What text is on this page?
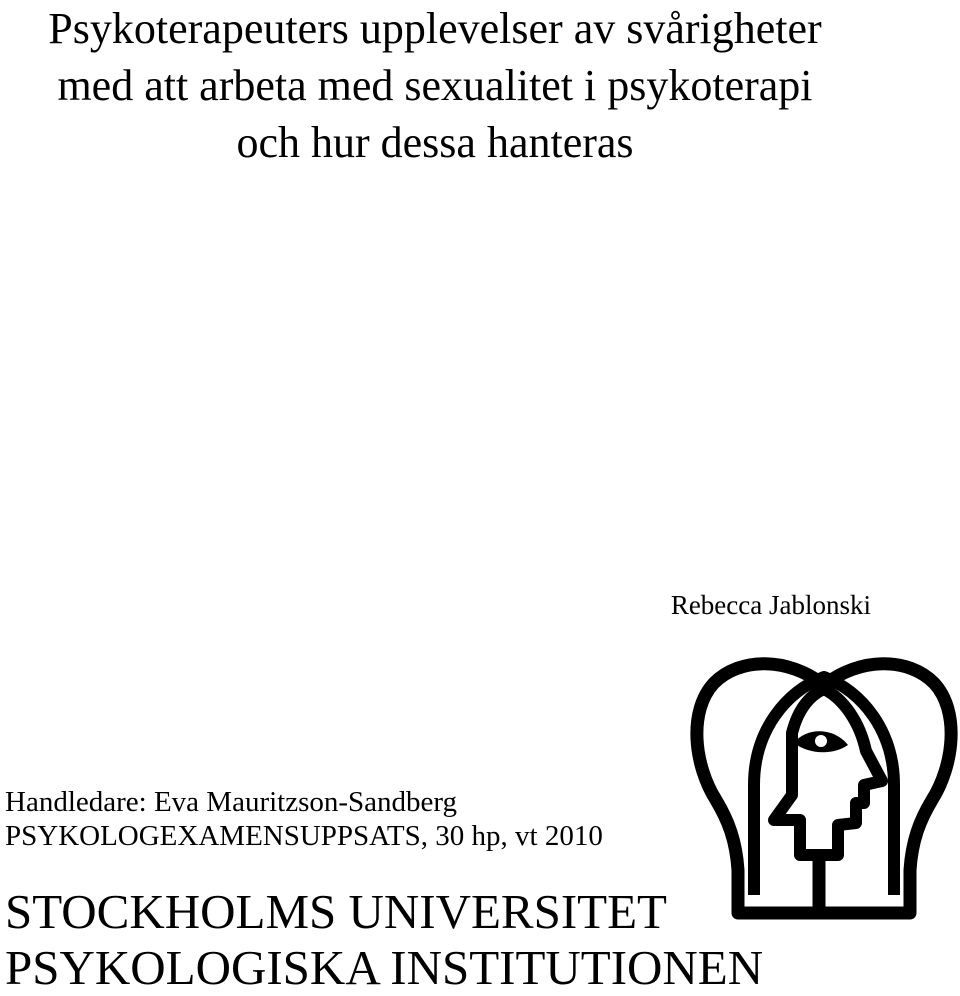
Psykoterapeuters upplevelser av svårigheter
med att arbeta med sexualitet i psykoterapi
och hur dessa hanteras
Rebecca Jablonski
Handledare: Eva Mauritzson-Sandberg
PSYKOLOGEXAMENSUPPSATS, 30 hp, vt 2010
STOCKHOLMS UNIVERSITET
PSYKOLOGISKA INSTITUTIONEN
